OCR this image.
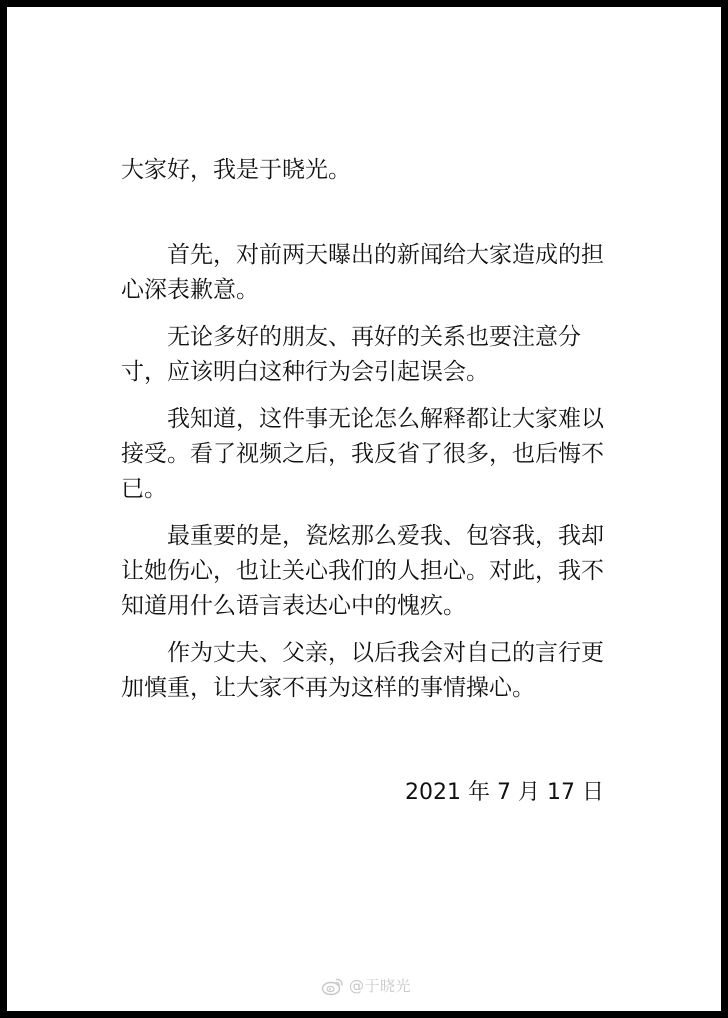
大家好，我是于晓光。

首先，对前两天曝出的新闻给大家造成的担心深表歉意。

无论多好的朋友、再好的关系也要注意分寸，应该明白这种行为会引起误会。

我知道，这件事无论怎么解释都让大家难以接受。看了视频之后，我反省了很多，也后悔不已。

最重要的是，瓷炫那么爱我、包容我，我却让她伤心，也让关心我们的人担心。对此，我不知道用什么语言表达心中的愧疚。

作为丈夫、父亲，以后我会对自己的言行更加慎重，让大家不再为这样的事情操心。

2021 年 7 月 17 日
@于晓光
